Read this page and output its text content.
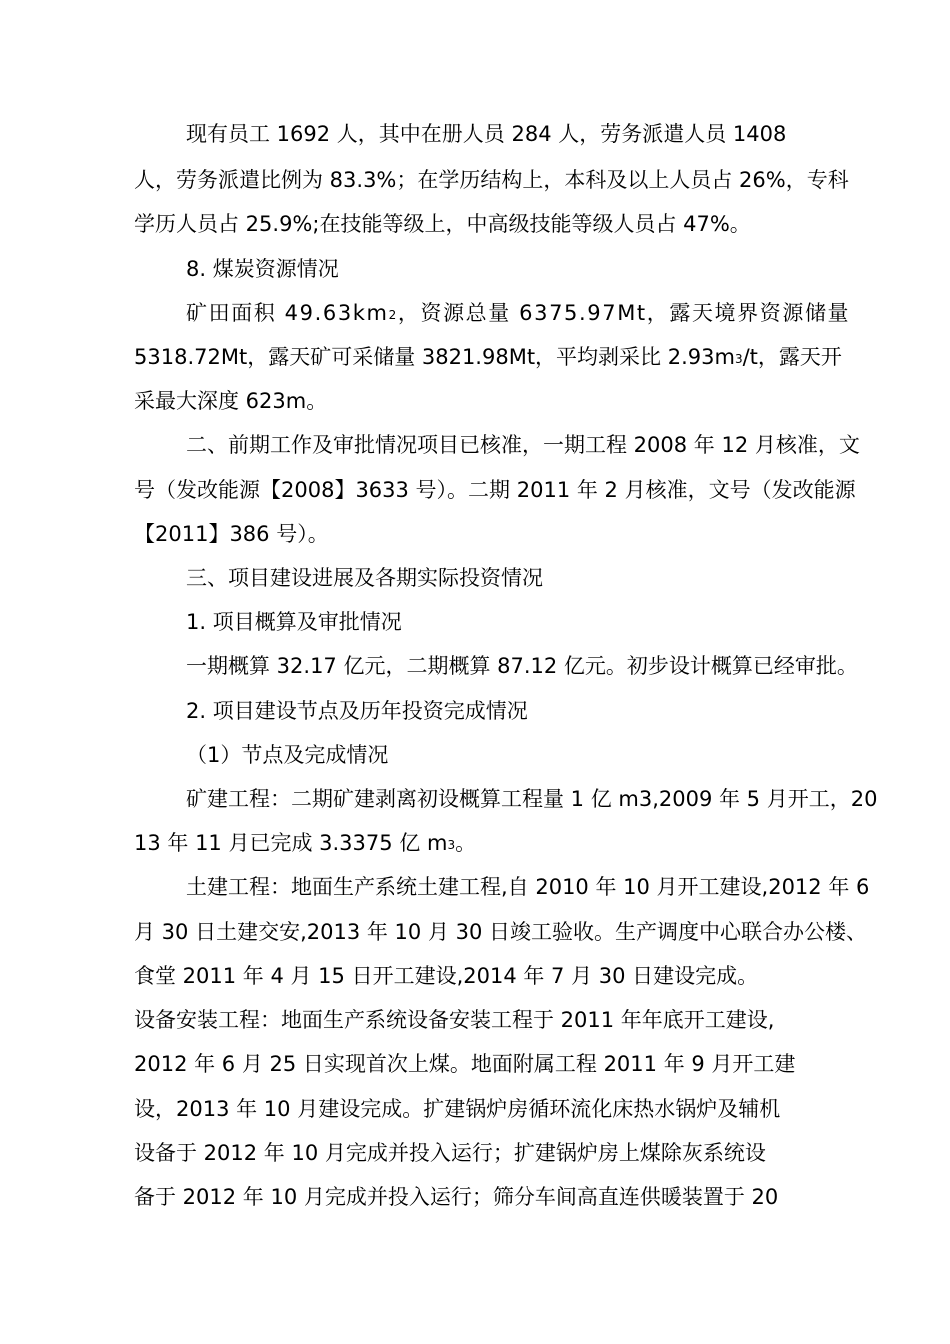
现有员工 1692 人，其中在册人员 284 人，劳务派遣人员 1408
人，劳务派遣比例为 83.3%；在学历结构上，本科及以上人员占 26%，专科
学历人员占 25.9%;在技能等级上，中高级技能等级人员占 47%。
8. 煤炭资源情况
矿田面积 $49.63km_2$，资源总量 6375.97Mt，露天境界资源储量
5318.72Mt，露天矿可采储量 3821.98Mt，平均剥采比 $2.93m_3/t$，露天开
采最大深度 623m。
二、前期工作及审批情况项目已核准，一期工程 2008 年 12 月核准，文
号（发改能源【2008】3633 号）。二期 2011 年 2 月核准，文号（发改能源
【2011】386 号）。
三、项目建设进展及各期实际投资情况
1. 项目概算及审批情况
一期概算 32.17 亿元，二期概算 87.12 亿元。初步设计概算已经审批。
2. 项目建设节点及历年投资完成情况
（1）节点及完成情况
矿建工程：二期矿建剥离初设概算工程量 1 亿 m3,2009 年 5 月开工，20
13 年 11 月已完成 3.3375 亿 $m_3$。
土建工程：地面生产系统土建工程,自 2010 年 10 月开工建设,2012 年 6
月 30 日土建交安,2013 年 10 月 30 日竣工验收。生产调度中心联合办公楼、
食堂 2011 年 4 月 15 日开工建设,2014 年 7 月 30 日建设完成。
设备安装工程：地面生产系统设备安装工程于 2011 年年底开工建设,
2012 年 6 月 25 日实现首次上煤。地面附属工程 2011 年 9 月开工建
设，2013 年 10 月建设完成。扩建锅炉房循环流化床热水锅炉及辅机
设备于 2012 年 10 月完成并投入运行；扩建锅炉房上煤除灰系统设
备于 2012 年 10 月完成并投入运行；筛分车间高直连供暖装置于 20
